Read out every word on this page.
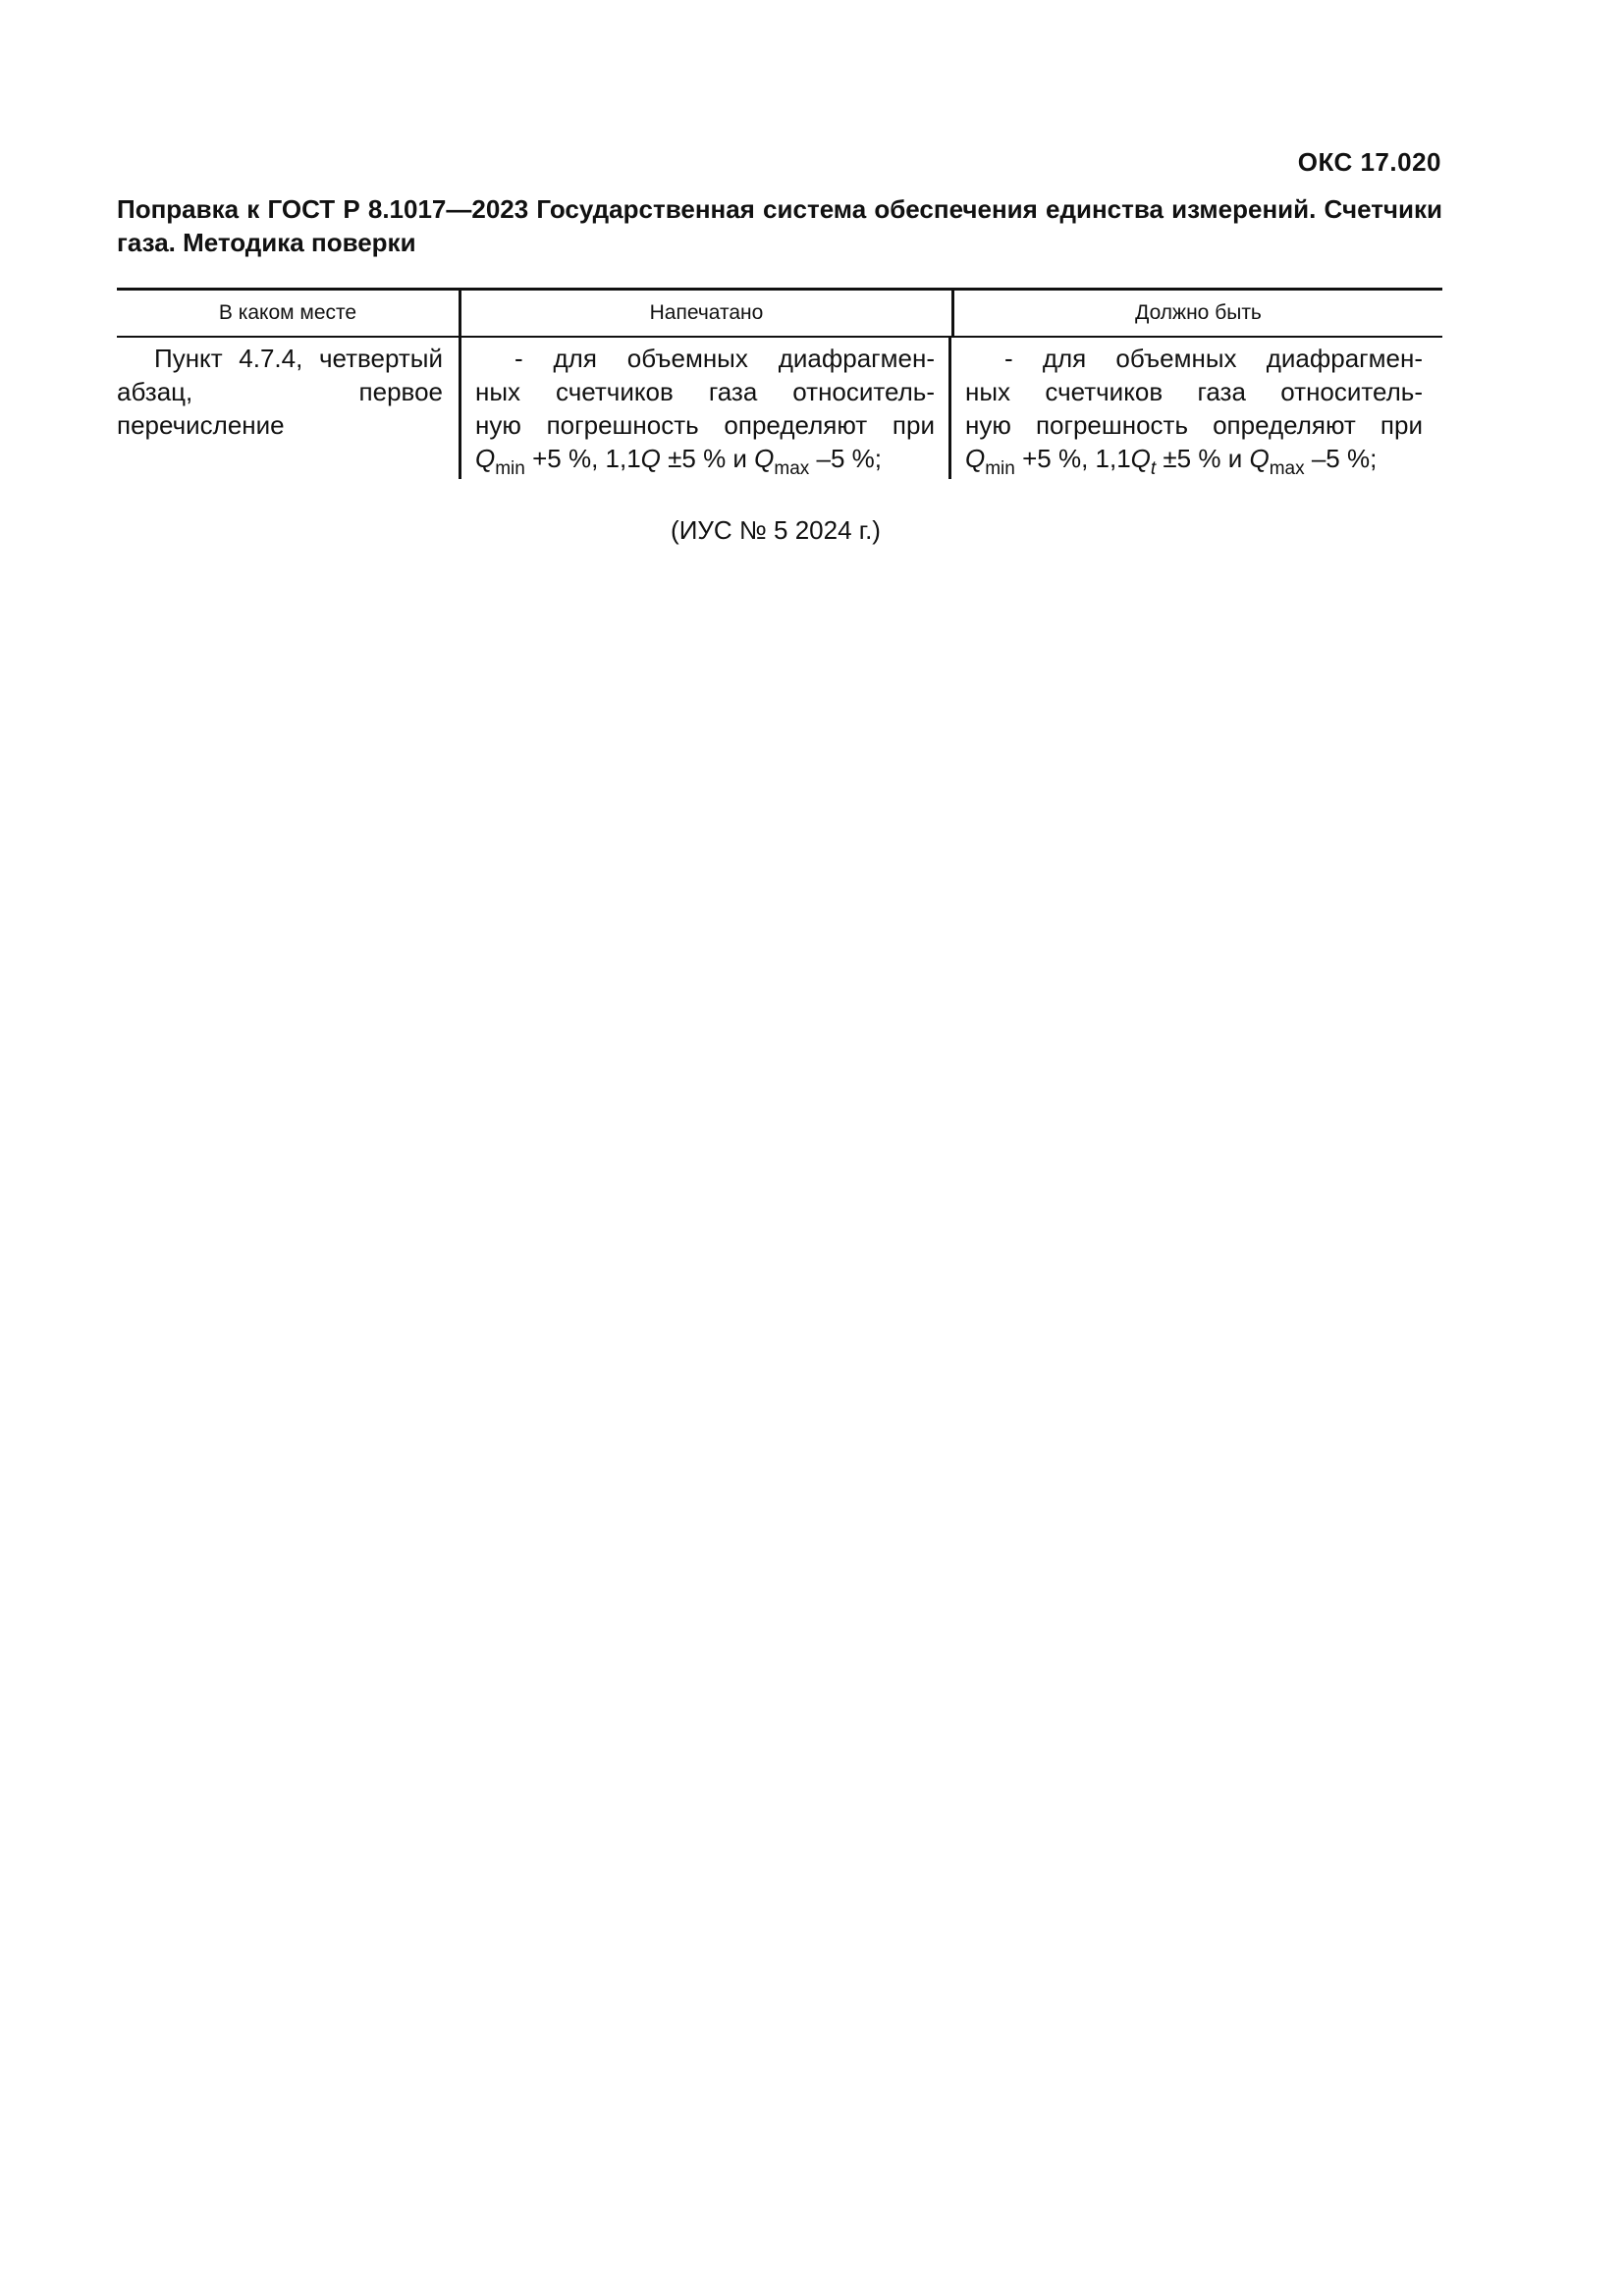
ОКС 17.020
Поправка к ГОСТ Р 8.1017—2023 Государственная система обеспечения единства измерений. Счетчики газа. Методика поверки
В каком месте	Напечатано	Должно быть
Пункт 4.7.4, четвертый абзац, первое перечисление
- для объемных диафрагмен-
ных счетчиков газа относитель-
ную погрешность определяют при
$Q_{min} +5$ %, 1,1Q ±5 % и $Q_{max}$ –5 %;
- для объемных диафрагмен-
ных счетчиков газа относитель-
ную погрешность определяют при
$Q_{min} +5$ %, $1,1Q_t \pm 5$ % и $Q_{max}$ –5 %;
(ИУС № 5 2024 г.)
